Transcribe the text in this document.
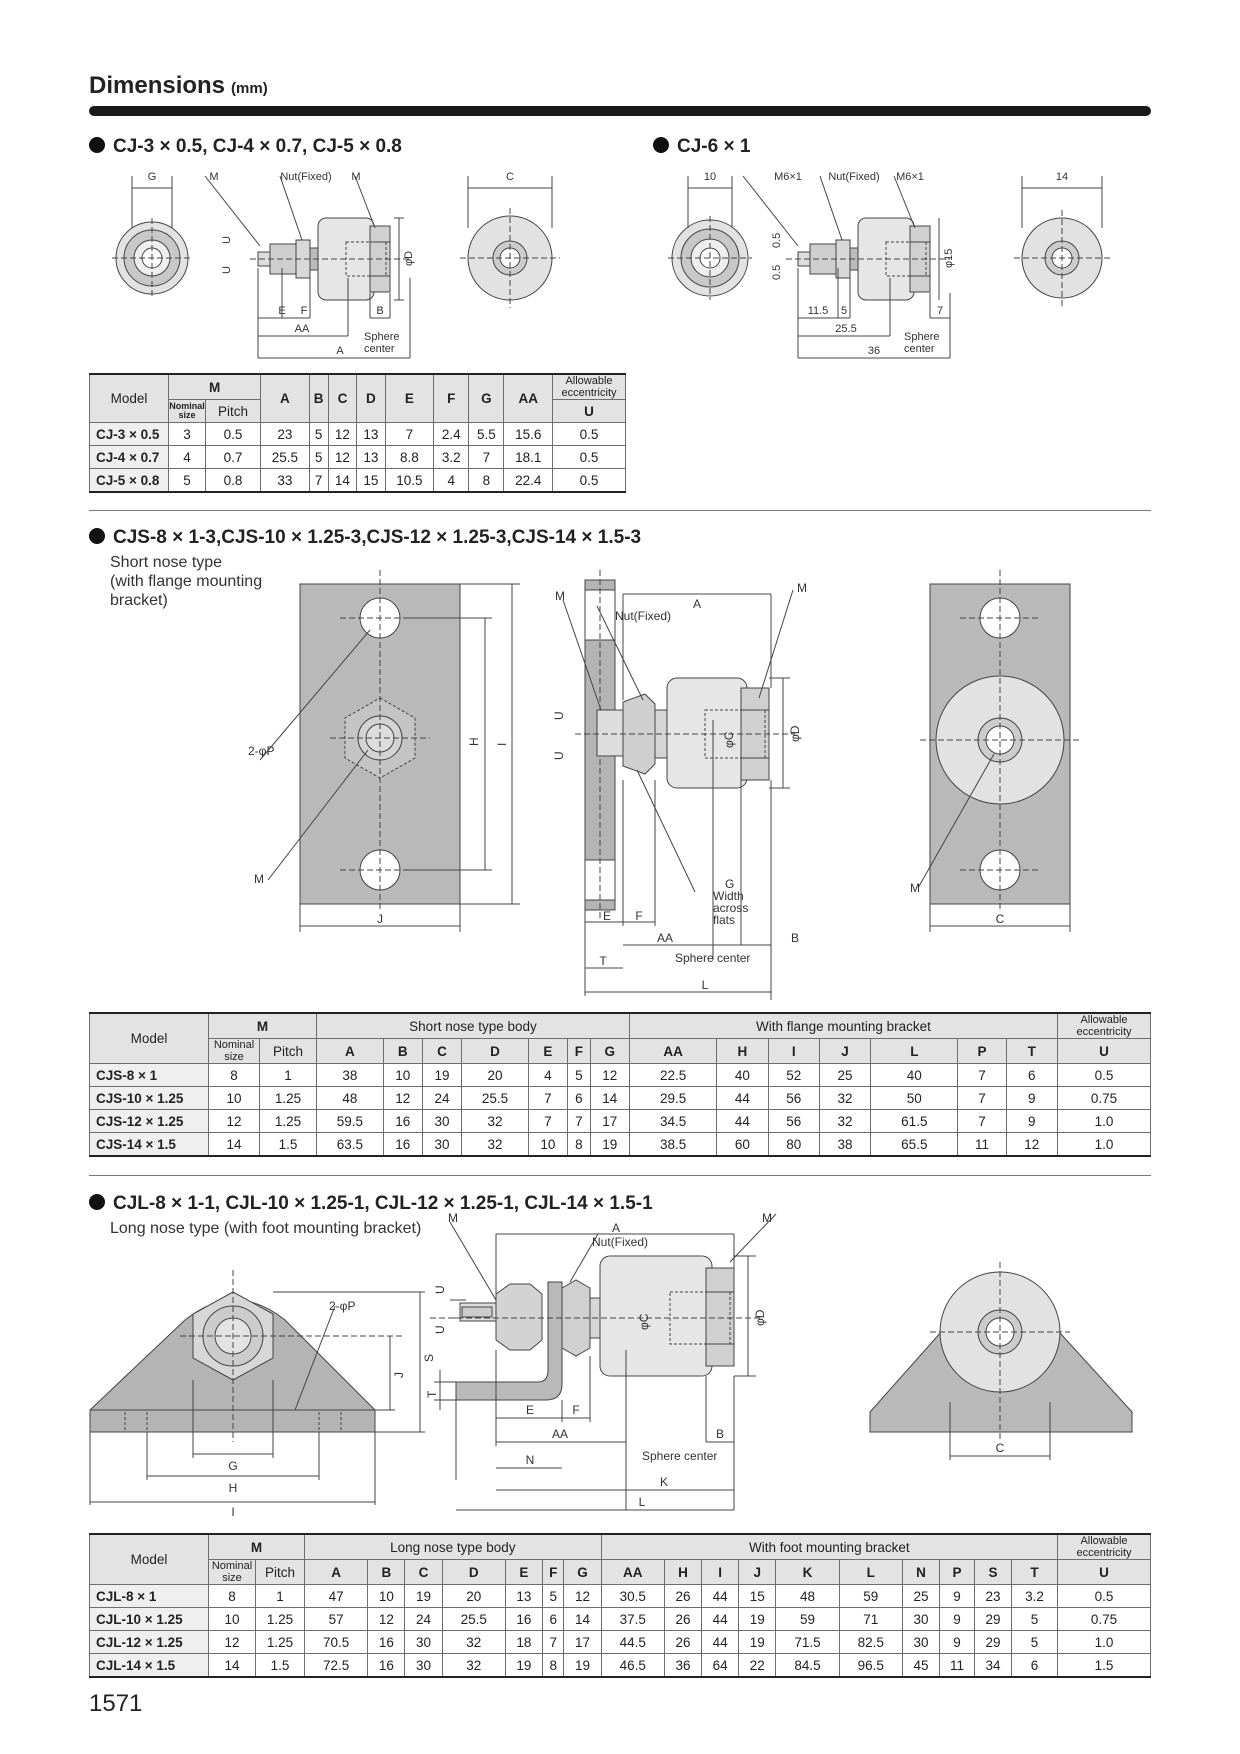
Dimensions (mm)
CJ-3 × 0.5, CJ-4 × 0.7, CJ-5 × 0.8	CJ-6 × 1
G	M	Nut(Fixed) M	C
U
U
φD
E F	B
AA
Sphere
center
A
10	M6×1 Nut(Fixed) M6×1	14
0.5
0.5
φ15
11.5 5	7
25.5
Sphere
center
36
Model	M		A	B	C	D	E	F	G	AA	Allowable eccentricity

	Nominal size	Pitch									U
CJ-3 × 0.5	3	0.5	23	5	12	13	7	2.4	5.5	15.6	0.5
CJ-4 × 0.7	4	0.7	25.5	5	12	13	8.8	3.2	7	18.1	0.5
CJ-5 × 0.8	5	0.8	33	7	14	15	10.5	4	8	22.4	0.5
CJS-8 × 1-3,CJS-10 × 1.25-3,CJS-12 × 1.25-3,CJS-14 × 1.5-3
Short nose type
(with flange mounting
bracket)
2-φP
M
H I
J
M
A
M
Nut(Fixed)
U
U
φC	φD
G
Width
across
flats
E F
AA	B
T	Sphere center
L
M
C
Model	M		Short nose type body							With flange mounting bracket							Allowable eccentricity

	Nominal size	Pitch	A	B	C	D	E	F	G	AA	H	I	J	L	P	T	U
CJS-8 × 1	8	1	38	10	19	20	4	5	12	22.5	40	52	25	40	7	6	0.5
CJS-10 × 1.25	10	1.25	48	12	24	25.5	7	6	14	29.5	44	56	32	50	7	9	0.75
CJS-12 × 1.25	12	1.25	59.5	16	30	32	7	7	17	34.5	44	56	32	61.5	7	9	1.0
CJS-14 × 1.5	14	1.5	63.5	16	30	32	10	8	19	38.5	60	80	38	65.5	11	12	1.0
CJL-8 × 1-1, CJL-10 × 1.25-1, CJL-12 × 1.25-1, CJL-14 × 1.5-1
Long nose type (with foot mounting bracket)
2-φP
S
J
G
H
I
M
A
M
Nut(Fixed)
U
U	φC	φD
E	F
B
AA
N	Sphere center
K
L
T
C
Model	M		Long nose type body							With foot mounting bracket										Allowable eccentricity

	Nominal size	Pitch	A	B	C	D	E	F	G	AA	H	I	J	K	L	N	P	S	T	U
CJL-8 × 1	8	1	47	10	19	20	13	5	12	30.5	26	44	15	48	59	25	9	23	3.2	0.5
CJL-10 × 1.25	10	1.25	57	12	24	25.5	16	6	14	37.5	26	44	19	59	71	30	9	29	5	0.75
CJL-12 × 1.25	12	1.25	70.5	16	30	32	18	7	17	44.5	26	44	19	71.5	82.5	30	9	29	5	1.0
CJL-14 × 1.5	14	1.5	72.5	16	30	32	19	8	19	46.5	36	64	22	84.5	96.5	45	11	34	6	1.5
1571
